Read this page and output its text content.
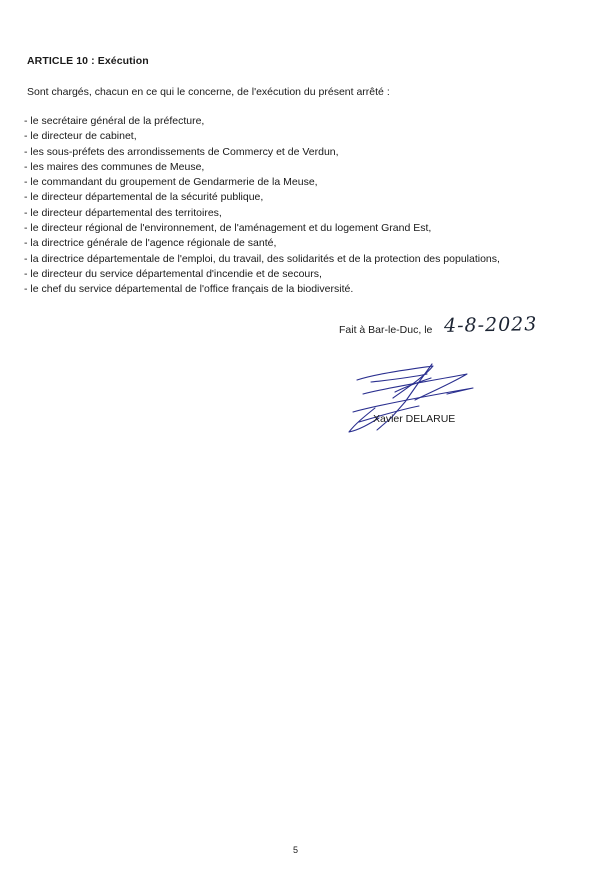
ARTICLE 10 : Exécution
Sont chargés, chacun en ce qui le concerne, de l'exécution du présent arrêté :
- le secrétaire général de la préfecture,
- le directeur de cabinet,
- les sous-préfets des arrondissements de Commercy et de Verdun,
- les maires des communes de Meuse,
- le commandant du groupement de Gendarmerie de la Meuse,
- le directeur départemental de la sécurité publique,
- le directeur départemental des territoires,
- le directeur régional de l'environnement, de l'aménagement et du logement Grand Est,
- la directrice générale de l'agence régionale de santé,
- la directrice départementale de l'emploi, du travail, des solidarités et de la protection des populations,
- le directeur du service départemental d'incendie et de secours,
- le chef du service départemental de l'office français de la biodiversité.
Fait à Bar-le-Duc, le 4-8-2023
Xavier DELARUE
5
